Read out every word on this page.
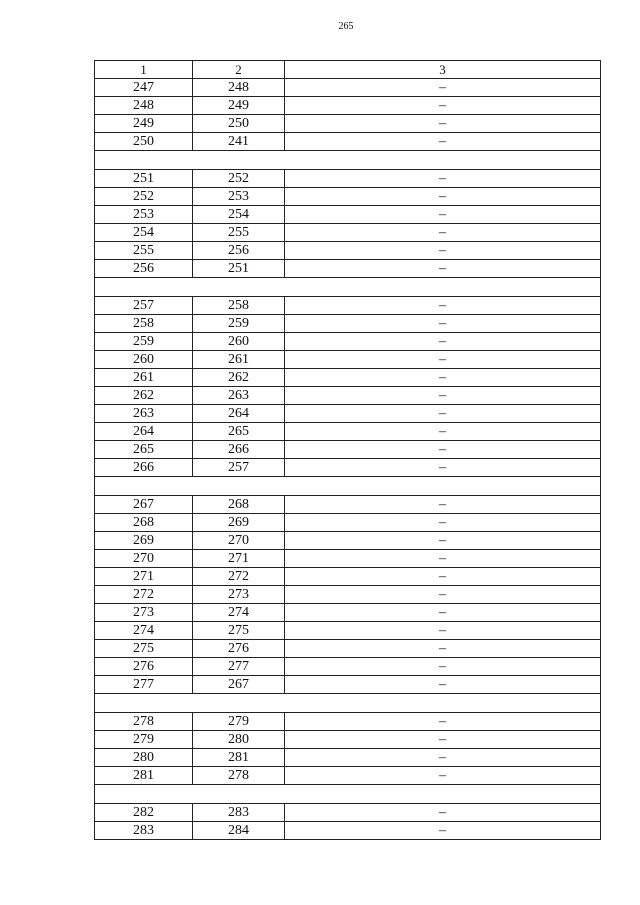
265
1	2	3
247	248	–
248	249	–
249	250	–
250	241	–

251	252	–
252	253	–
253	254	–
254	255	–
255	256	–
256	251	–

257	258	–
258	259	–
259	260	–
260	261	–
261	262	–
262	263	–
263	264	–
264	265	–
265	266	–
266	257	–

267	268	–
268	269	–
269	270	–
270	271	–
271	272	–
272	273	–
273	274	–
274	275	–
275	276	–
276	277	–
277	267	–

278	279	–
279	280	–
280	281	–
281	278	–

282	283	–
283	284	–
